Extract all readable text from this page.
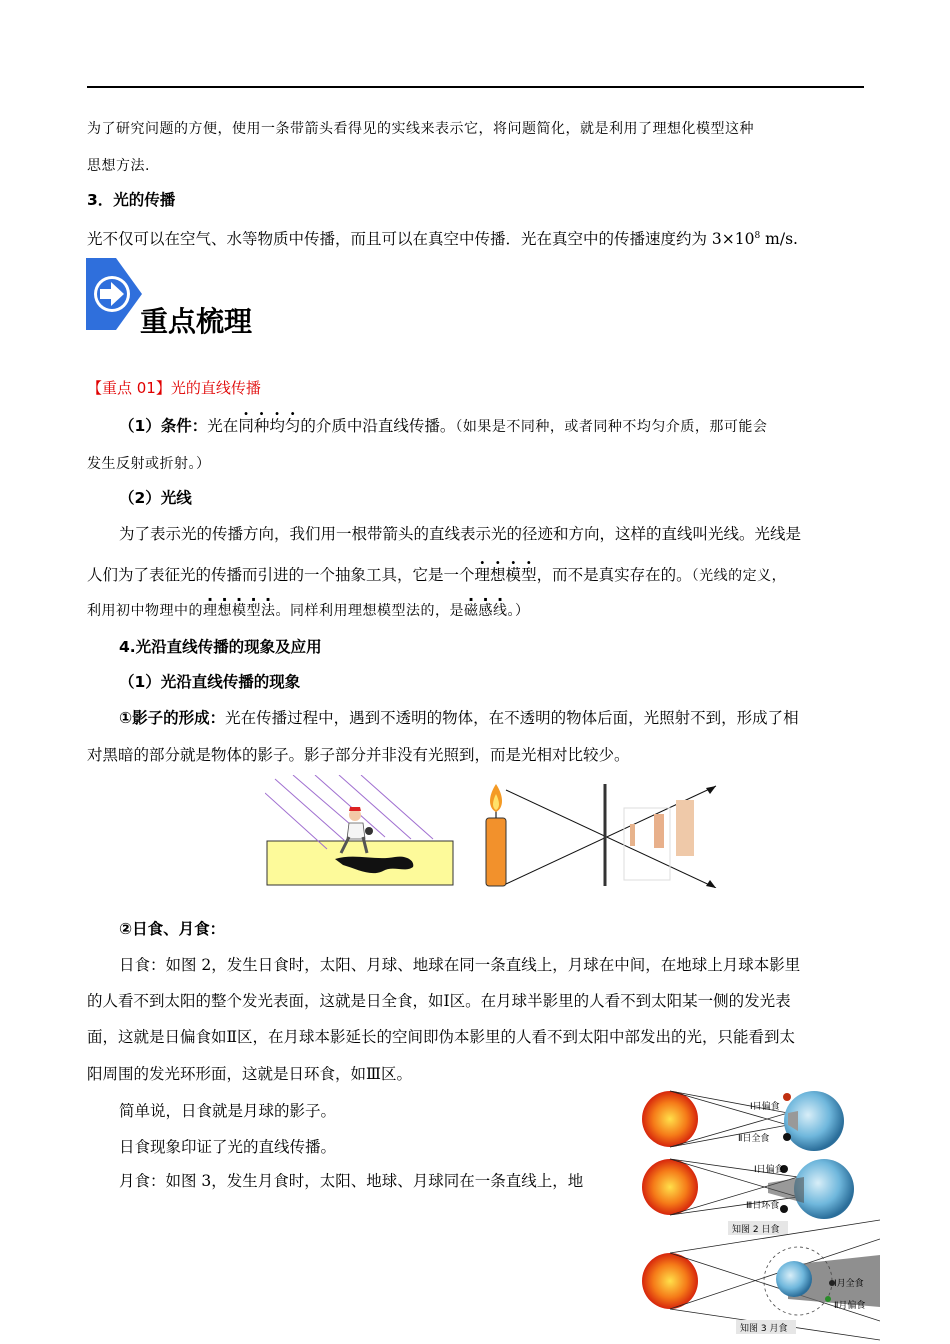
为了研究问题的方便，使用一条带箭头看得见的实线来表示它，将问题简化，就是利用了理想化模型这种
思想方法.
3．光的传播
光不仅可以在空气、水等物质中传播，而且可以在真空中传播．光在真空中的传播速度约为 $3\times 10^8$ m/s.
重点梳理
【重点 01】光的直线传播
（1）条件：光在同种均匀的介质中沿直线传播。（如果是不同种，或者同种不均匀介质，那可能会
发生反射或折射。）
（2）光线
为了表示光的传播方向，我们用一根带箭头的直线表示光的径迹和方向，这样的直线叫光线。光线是
人们为了表征光的传播而引进的一个抽象工具，它是一个理想模型，而不是真实存在的。（光线的定义，
利用初中物理中的理想模型法。同样利用理想模型法的，是磁感线。）
4.光沿直线传播的现象及应用
（1）光沿直线传播的现象
①影子的形成：光在传播过程中，遇到不透明的物体，在不透明的物体后面，光照射不到，形成了相
对黑暗的部分就是物体的影子。影子部分并非没有光照到，而是光相对比较少。
②日食、月食：
日食：如图 2，发生日食时，太阳、月球、地球在同一条直线上，月球在中间，在地球上月球本影里
的人看不到太阳的整个发光表面，这就是日全食，如Ⅰ区。在月球半影里的人看不到太阳某一侧的发光表
面，这就是日偏食如Ⅱ区，在月球本影延长的空间即伪本影里的人看不到太阳中部发出的光，只能看到太
阳周围的发光环形面，这就是日环食，如Ⅲ区。
简单说，日食就是月球的影子。
日食现象印证了光的直线传播。
月食：如图 3，发生月食时，太阳、地球、月球同在一条直线上，地
Ⅰ日偏食
Ⅱ日全食
Ⅰ日偏食
Ⅲ日环食
知图 2 日食
Ⅰ月全食
Ⅱ月偏食
知图 3 月食
